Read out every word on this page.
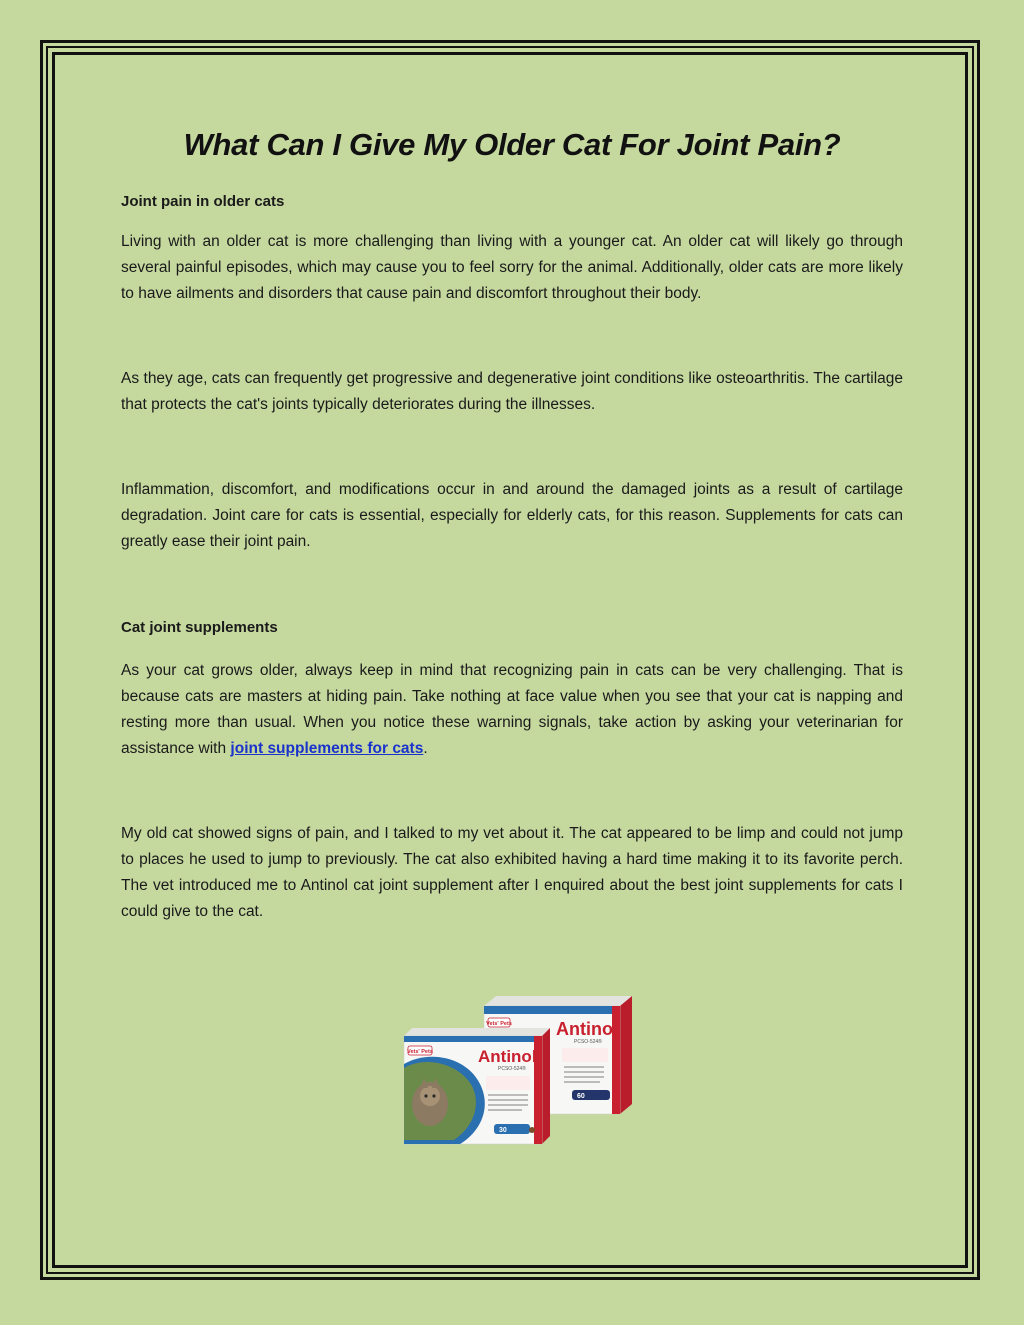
What Can I Give My Older Cat For Joint Pain?
Joint pain in older cats

Living with an older cat is more challenging than living with a younger cat. An older cat will likely go through several painful episodes, which may cause you to feel sorry for the animal. Additionally, older cats are more likely to have ailments and disorders that cause pain and discomfort throughout their body.

As they age, cats can frequently get progressive and degenerative joint conditions like osteoarthritis. The cartilage that protects the cat's joints typically deteriorates during the illnesses.

Inflammation, discomfort, and modifications occur in and around the damaged joints as a result of cartilage degradation. Joint care for cats is essential, especially for elderly cats, for this reason. Supplements for cats can greatly ease their joint pain.

Cat joint supplements

As your cat grows older, always keep in mind that recognizing pain in cats can be very challenging. That is because cats are masters at hiding pain. Take nothing at face value when you see that your cat is napping and resting more than usual. When you notice these warning signals, take action by asking your veterinarian for assistance with joint supplements for cats.

My old cat showed signs of pain, and I talked to my vet about it. The cat appeared to be limp and could not jump to places he used to jump to previously. The cat also exhibited having a hard time making it to its favorite perch. The vet introduced me to Antinol cat joint supplement after I enquired about the best joint supplements for cats I could give to the cat.

Vets' Pets Antinol
PCSO-524®
60
Vets' Pets	Antinol
PCSO-524®
30
